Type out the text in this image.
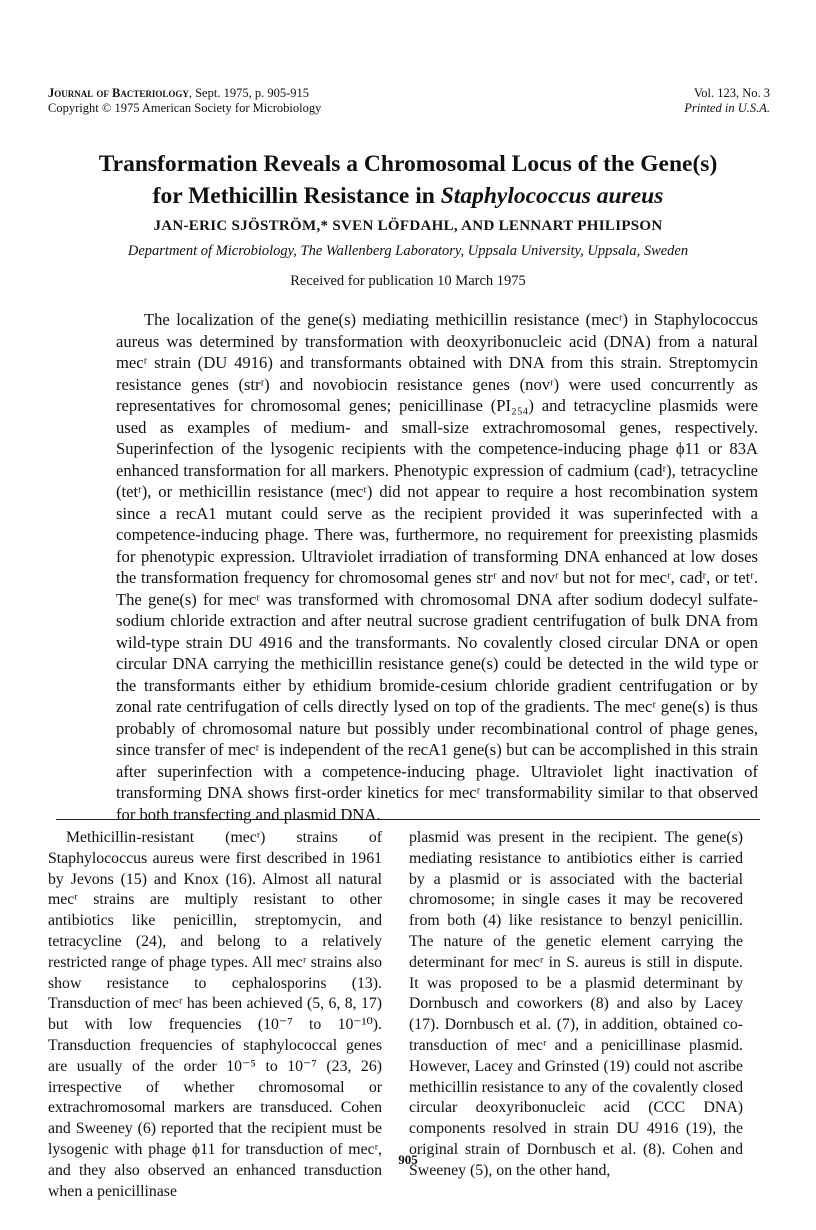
Journal of Bacteriology, Sept. 1975, p. 905-915
Copyright © 1975 American Society for Microbiology
Vol. 123, No. 3
Printed in U.S.A.
Transformation Reveals a Chromosomal Locus of the Gene(s)
for Methicillin Resistance in Staphylococcus aureus
JAN-ERIC SJÖSTRÖM,* SVEN LÖFDAHL, AND LENNART PHILIPSON
Department of Microbiology, The Wallenberg Laboratory, Uppsala University, Uppsala, Sweden
Received for publication 10 March 1975

The localization of the gene(s) mediating methicillin resistance (mecʳ) in Staphylococcus aureus was determined by transformation with deoxyribonucleic acid (DNA) from a natural mecʳ strain (DU 4916) and transformants obtained with DNA from this strain. Streptomycin resistance genes (strʳ) and novobiocin resistance genes (novʳ) were used concurrently as representatives for chromosomal genes; penicillinase (PI₂₅₄) and tetracycline plasmids were used as examples of medium- and small-size extrachromosomal genes, respectively. Superinfection of the lysogenic recipients with the competence-inducing phage ϕ11 or 83A enhanced transformation for all markers. Phenotypic expression of cadmium (cadʳ), tetracycline (tetʳ), or methicillin resistance (mecʳ) did not appear to require a host recombination system since a recA1 mutant could serve as the recipient provided it was superinfected with a competence-inducing phage. There was, furthermore, no requirement for preexisting plasmids for phenotypic expression. Ultraviolet irradiation of transforming DNA enhanced at low doses the transformation frequency for chromosomal genes strʳ and novʳ but not for mecʳ, cadʳ, or tetʳ. The gene(s) for mecʳ was transformed with chromosomal DNA after sodium dodecyl sulfate-sodium chloride extraction and after neutral sucrose gradient centrifugation of bulk DNA from wild-type strain DU 4916 and the transformants. No covalently closed circular DNA or open circular DNA carrying the methicillin resistance gene(s) could be detected in the wild type or the transformants either by ethidium bromide-cesium chloride gradient centrifugation or by zonal rate centrifugation of cells directly lysed on top of the gradients. The mecʳ gene(s) is thus probably of chromosomal nature but possibly under recombinational control of phage genes, since transfer of mecʳ is independent of the recA1 gene(s) but can be accomplished in this strain after superinfection with a competence-inducing phage. Ultraviolet light inactivation of transforming DNA shows first-order kinetics for mecʳ transformability similar to that observed for both transfecting and plasmid DNA.

Methicillin-resistant (mecʳ) strains of Staphylococcus aureus were first described in 1961 by Jevons (15) and Knox (16). Almost all natural mecʳ strains are multiply resistant to other antibiotics like penicillin, streptomycin, and tetracycline (24), and belong to a relatively restricted range of phage types. All mecʳ strains also show resistance to cephalosporins (13). Transduction of mecʳ has been achieved (5, 6, 8, 17) but with low frequencies (10⁻⁷ to 10⁻¹⁰). Transduction frequencies of staphylococcal genes are usually of the order 10⁻⁵ to 10⁻⁷ (23, 26) irrespective of whether chromosomal or extrachromosomal markers are transduced. Cohen and Sweeney (6) reported that the recipient must be lysogenic with phage ϕ11 for transduction of mecʳ, and they also observed an enhanced transduction when a penicillinase

plasmid was present in the recipient. The gene(s) mediating resistance to antibiotics either is carried by a plasmid or is associated with the bacterial chromosome; in single cases it may be recovered from both (4) like resistance to benzyl penicillin. The nature of the genetic element carrying the determinant for mecʳ in S. aureus is still in dispute. It was proposed to be a plasmid determinant by Dornbusch and coworkers (8) and also by Lacey (17). Dornbusch et al. (7), in addition, obtained co-transduction of mecʳ and a penicillinase plasmid. However, Lacey and Grinsted (19) could not ascribe methicillin resistance to any of the covalently closed circular deoxyribonucleic acid (CCC DNA) components resolved in strain DU 4916 (19), the original strain of Dornbusch et al. (8). Cohen and Sweeney (5), on the other hand,

905
